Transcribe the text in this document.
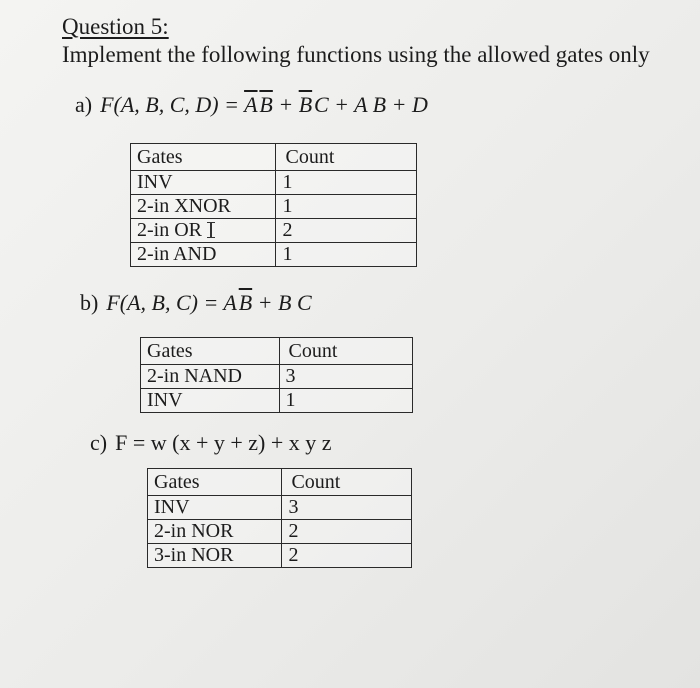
Question 5:
Implement the following functions using the allowed gates only
a) F(A, B, C, $D) = \overline{A}$ $\overline{B} + \overline{B}$ C + A B + D
Gates	Count
INV	1
2-in XNOR	1
2-in OR	2
2-in AND	1
b) F(A, B, C) = A $\overline{B} + B$ C
Gates	Count
2-in NAND	3
INV	1
c) F = w (x + y + z) + x y z
Gates	Count
INV	3
2-in NOR	2
3-in NOR	2
